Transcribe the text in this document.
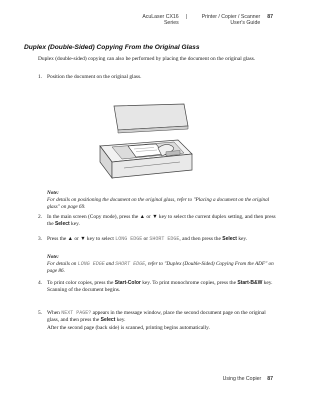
AcuLaser CX16 Series
|	Printer / Copier / Scanner User's Guide
87
Duplex (Double-Sided) Copying From the Original Glass
Duplex (double-sided) copying can also be performed by placing the document on the original glass.
1. Position the document on the original glass.
Note:
For details on positioning the document on the original glass, refer to "Placing a document on the original glass" on page 69.
2. In the main screen (Copy mode), press the ▲ or ▼ key to select the current duplex setting, and then press the Select key.
3. Press the ▲ or ▼ key to select LONG EDGE or SHORT EDGE, and then press the Select key.
Note:
For details on LONG EDGE and SHORT EDGE, refer to "Duplex (Double-Sided) Copying From the ADF" on page 86.
4. To print color copies, press the Start-Color key. To print monochrome copies, press the Start-B&W key.
Scanning of the document begins.
5. When NEXT PAGE? appears in the message window, place the second document page on the original glass, and then press the Select key.
After the second page (back side) is scanned, printing begins automatically.
Using the Copier 87
